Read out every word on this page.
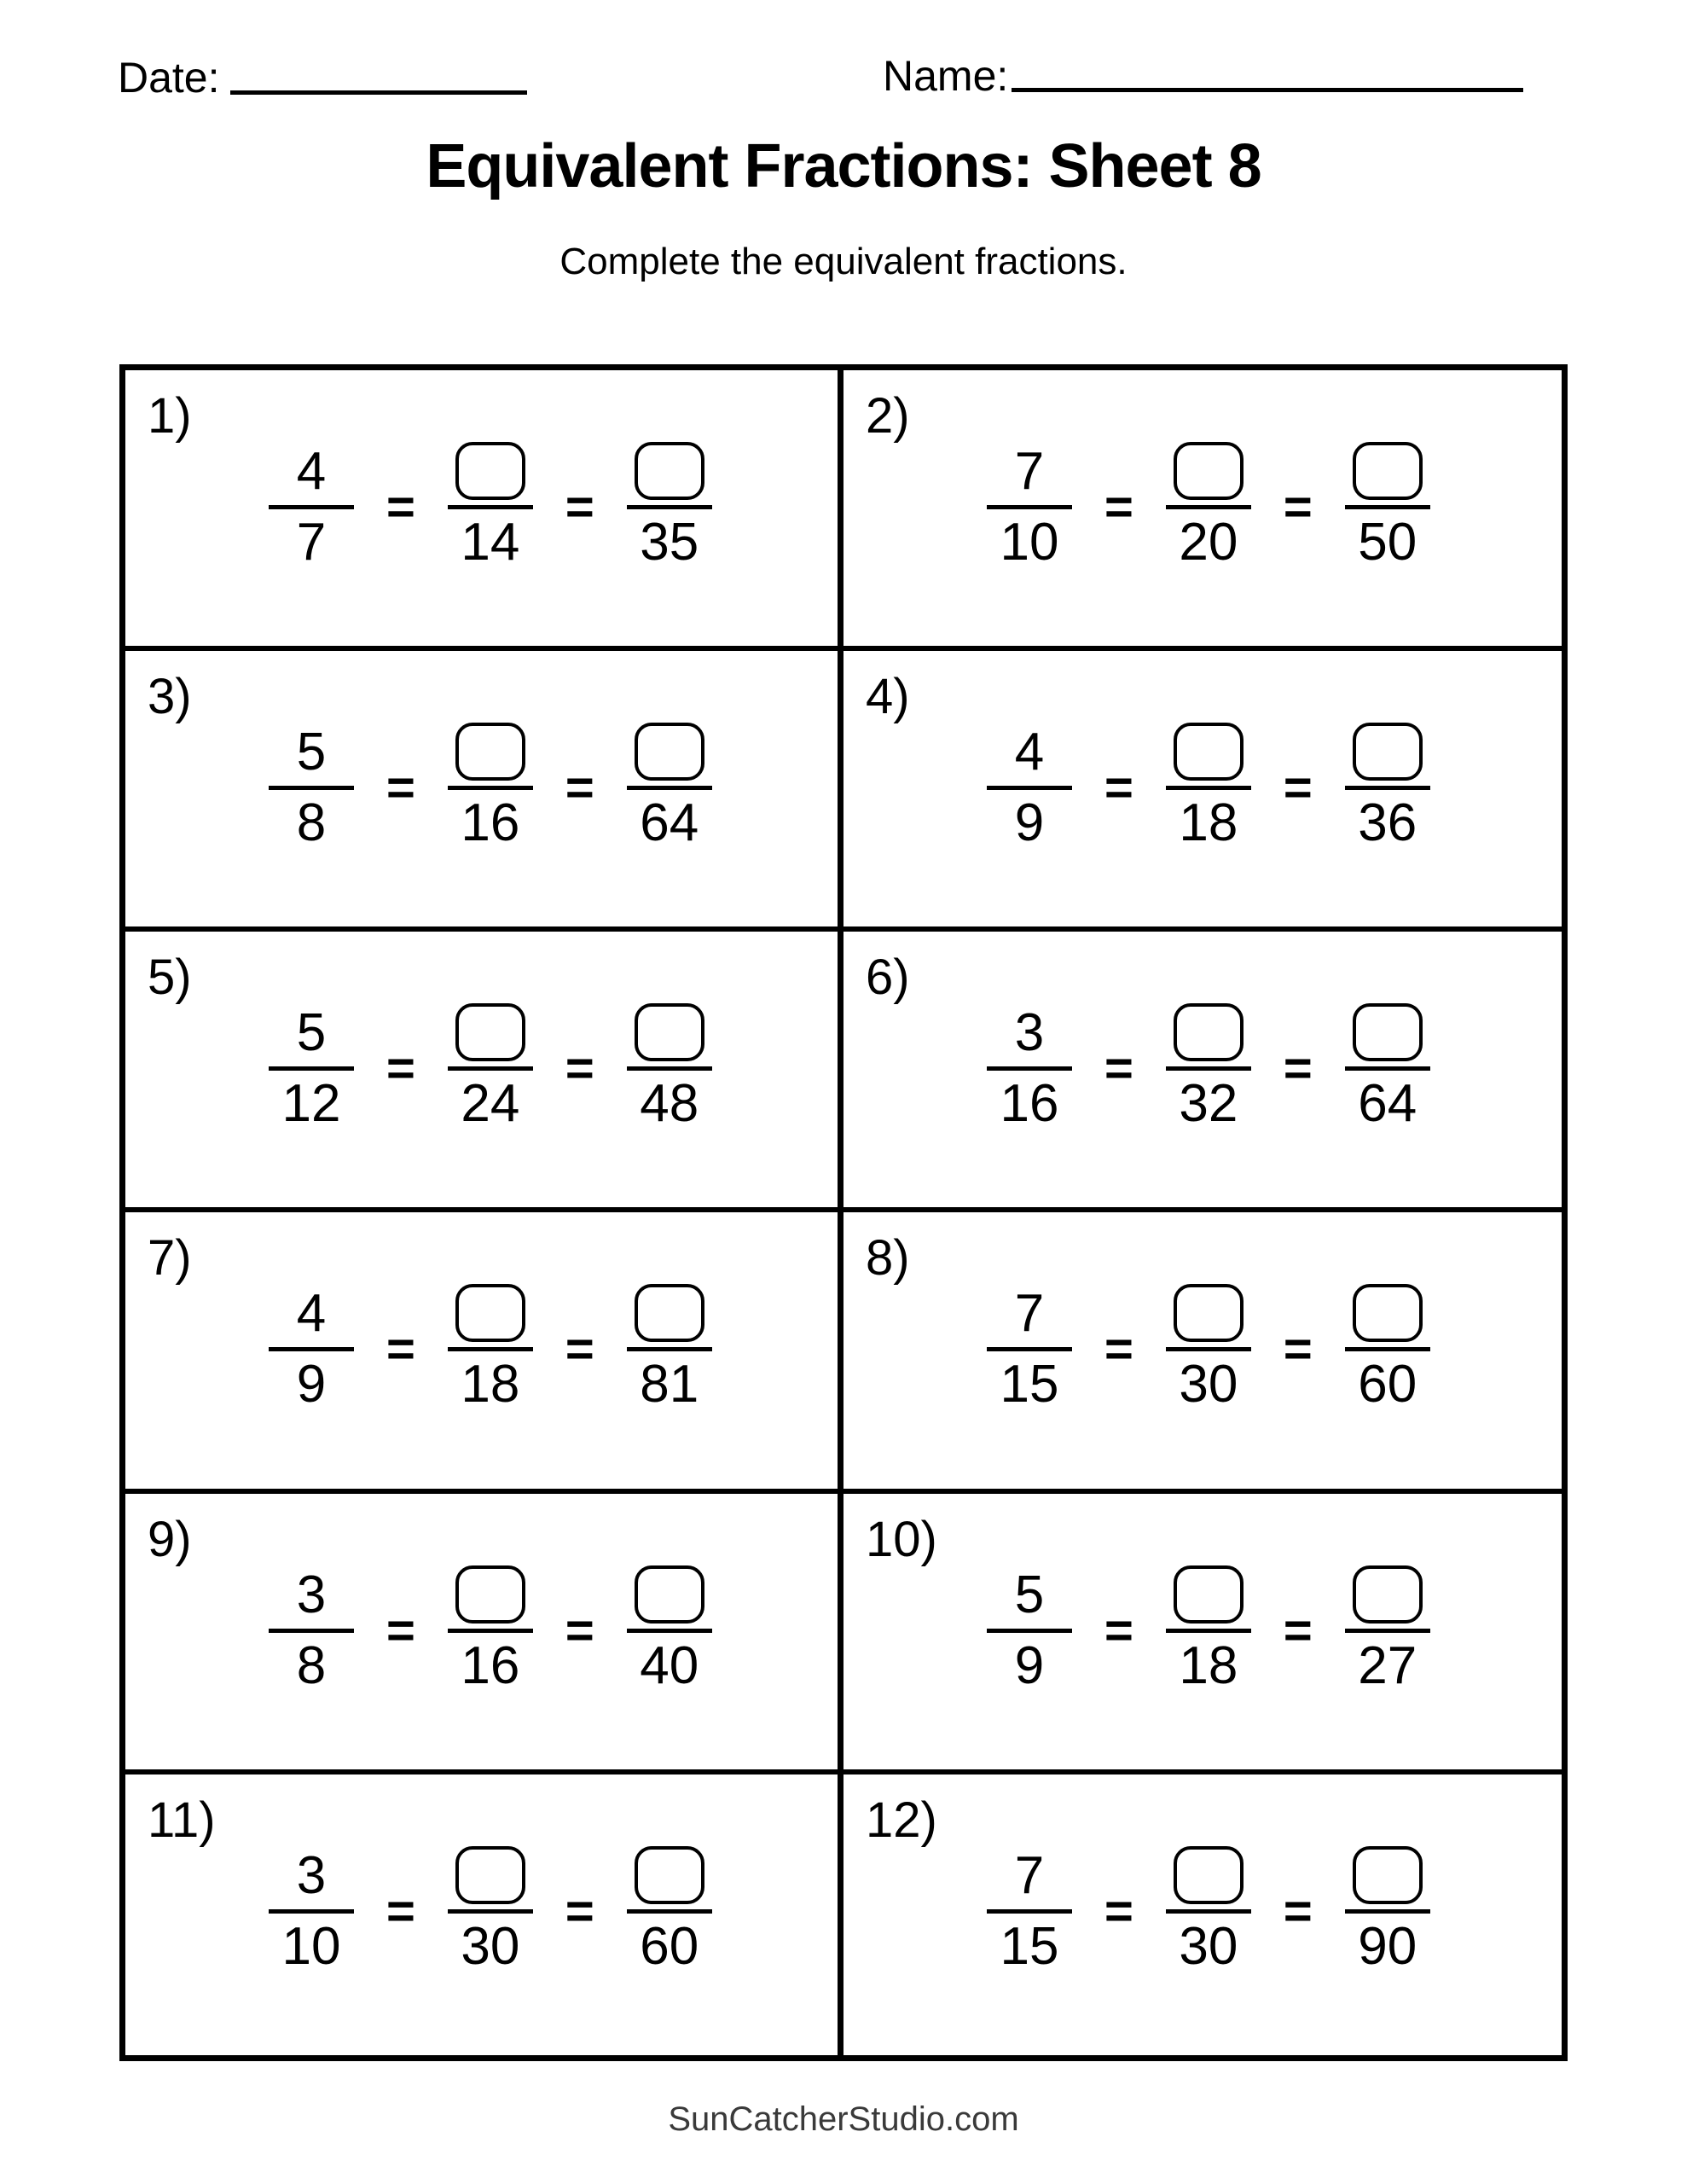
Date:	Name:
Equivalent Fractions: Sheet 8
Complete the equivalent fractions.
1)
4
7
=
14
=
35
2)
7
10
=
20
=
50
3)
5
8
=
16
=
64
4)
4
9
=
18
=
36
5)
5
12
=
24
=
48
6)
3
16
=
32
=
64
7)
4
9
=
18
=
81
8)
7
15
=
30
=
60
9)
3
8
=
16
=
40
10)
5
9
=
18
=
27
11)
3
10
=
30
=
60
12)
7
15
=
30
=
90
SunCatcherStudio.com
